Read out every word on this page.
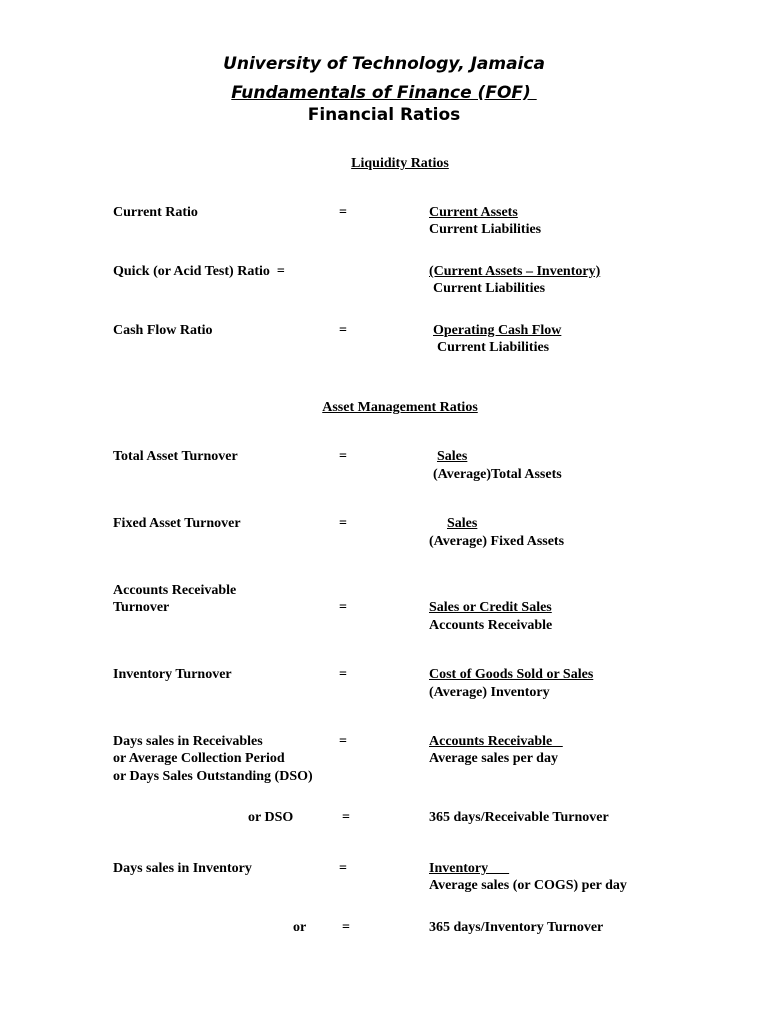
University of Technology, Jamaica
Fundamentals of Finance (FOF)
Financial Ratios
Liquidity Ratios
Current Ratio	=	Current Assets
Current Liabilities
Quick (or Acid Test) Ratio  =	(Current Assets – Inventory)
Current Liabilities
Cash Flow Ratio	=	Operating Cash Flow
Current Liabilities
Asset Management Ratios
Total Asset Turnover	=	Sales
(Average)Total Assets
Fixed Asset Turnover	=	Sales
(Average) Fixed Assets
Accounts Receivable
Turnover	=	Sales or Credit Sales
Accounts Receivable
Inventory Turnover	=	Cost of Goods Sold or Sales
(Average) Inventory
Days sales in Receivables
or Average Collection Period
or Days Sales Outstanding (DSO)
=	Accounts Receivable
Average sales per day
or DSO	=	365 days/Receivable Turnover
Days sales in Inventory	=	Inventory
Average sales (or COGS) per day
or	=	365 days/Inventory Turnover
